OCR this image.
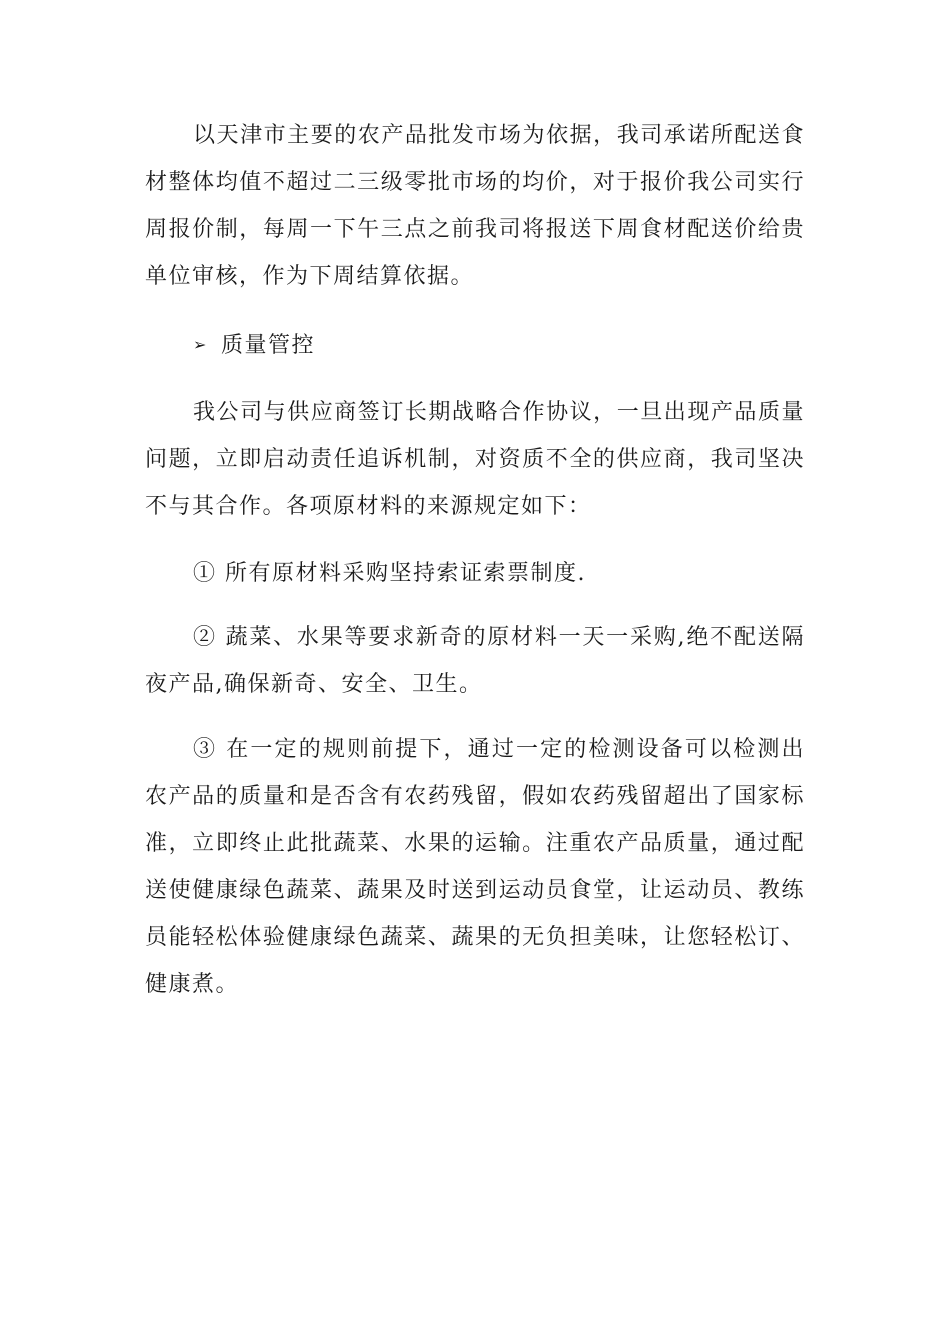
以天津市主要的农产品批发市场为依据，我司承诺所配送食材整体均值不超过二三级零批市场的均价，对于报价我公司实行周报价制，每周一下午三点之前我司将报送下周食材配送价给贵单位审核，作为下周结算依据。

➢ 质量管控

我公司与供应商签订长期战略合作协议，一旦出现产品质量问题，立即启动责任追诉机制，对资质不全的供应商，我司坚决不与其合作。各项原材料的来源规定如下：

① 所有原材料采购坚持索证索票制度.

② 蔬菜、水果等要求新奇的原材料一天一采购,绝不配送隔夜产品,确保新奇、安全、卫生。

③ 在一定的规则前提下，通过一定的检测设备可以检测出农产品的质量和是否含有农药残留，假如农药残留超出了国家标准，立即终止此批蔬菜、水果的运输。注重农产品质量，通过配送使健康绿色蔬菜、蔬果及时送到运动员食堂，让运动员、教练员能轻松体验健康绿色蔬菜、蔬果的无负担美味，让您轻松订、健康煮。
